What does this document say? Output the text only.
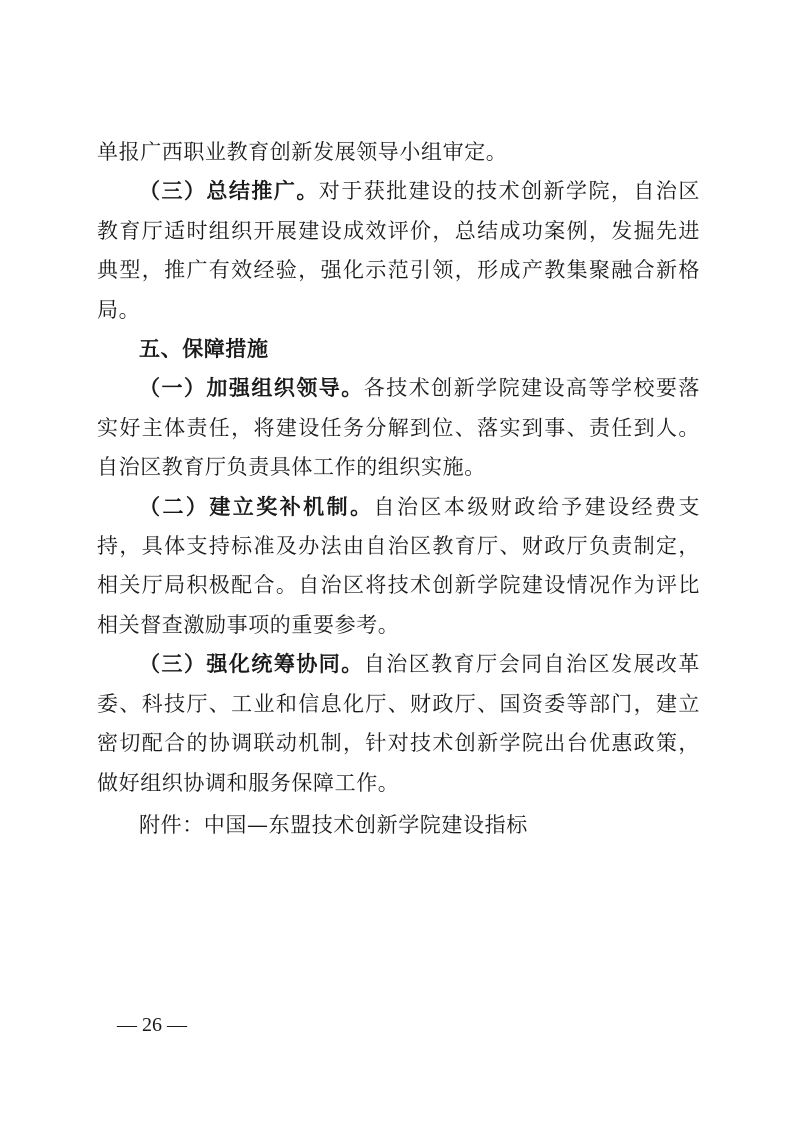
单报广西职业教育创新发展领导小组审定。

（三）总结推广。对于获批建设的技术创新学院，自治区教育厅适时组织开展建设成效评价，总结成功案例，发掘先进典型，推广有效经验，强化示范引领，形成产教集聚融合新格局。

五、保障措施

（一）加强组织领导。各技术创新学院建设高等学校要落实好主体责任，将建设任务分解到位、落实到事、责任到人。自治区教育厅负责具体工作的组织实施。

（二）建立奖补机制。自治区本级财政给予建设经费支持，具体支持标准及办法由自治区教育厅、财政厅负责制定，相关厅局积极配合。自治区将技术创新学院建设情况作为评比相关督查激励事项的重要参考。

（三）强化统筹协同。自治区教育厅会同自治区发展改革委、科技厅、工业和信息化厅、财政厅、国资委等部门，建立密切配合的协调联动机制，针对技术创新学院出台优惠政策，做好组织协调和服务保障工作。

附件：中国—东盟技术创新学院建设指标
— 26 —
